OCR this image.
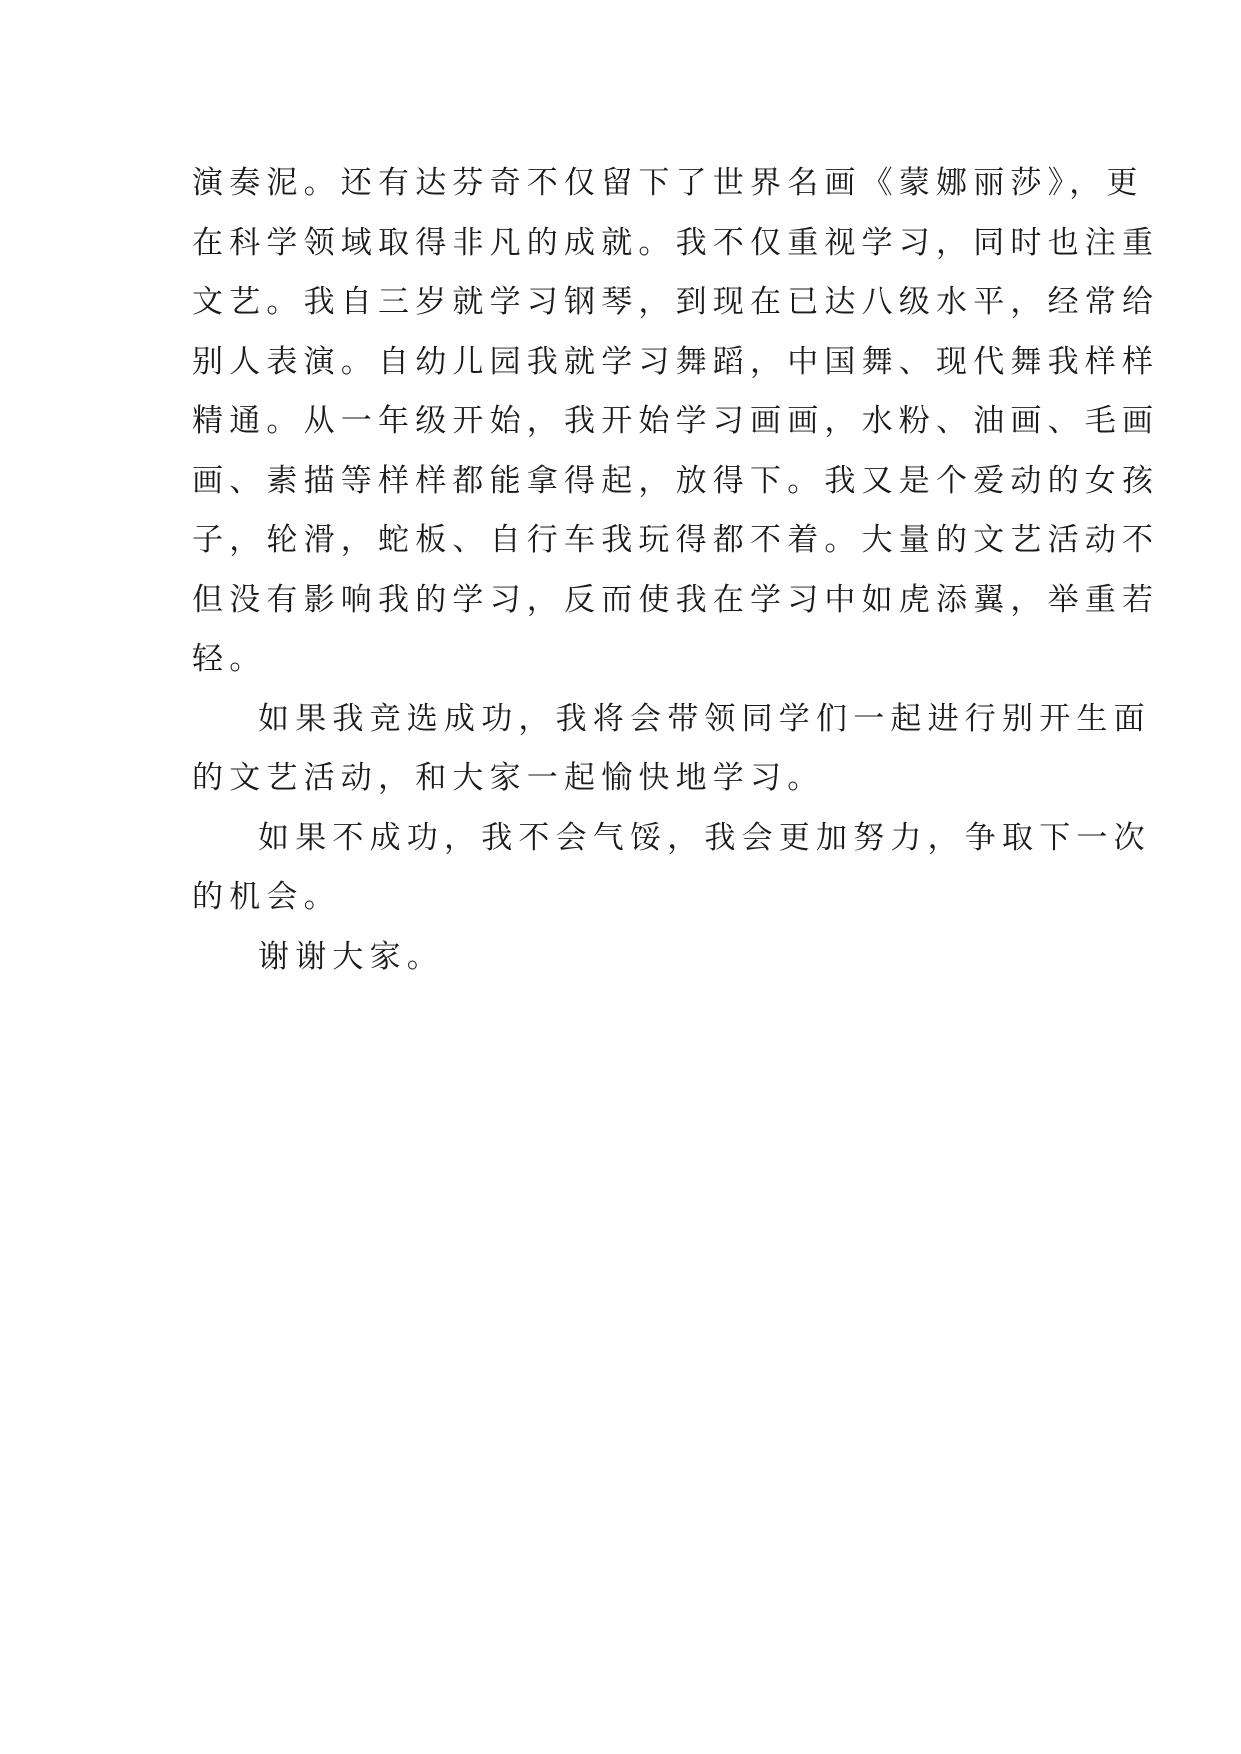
演奏泥。还有达芬奇不仅留下了世界名画《蒙娜丽莎》，更
在科学领域取得非凡的成就。我不仅重视学习，同时也注重
文艺。我自三岁就学习钢琴，到现在已达八级水平，经常给
别人表演。自幼儿园我就学习舞蹈，中国舞、现代舞我样样
精通。从一年级开始，我开始学习画画，水粉、油画、毛画
画、素描等样样都能拿得起，放得下。我又是个爱动的女孩
子，轮滑，蛇板、自行车我玩得都不着。大量的文艺活动不
但没有影响我的学习，反而使我在学习中如虎添翼，举重若
轻。
如果我竞选成功，我将会带领同学们一起进行别开生面
的文艺活动，和大家一起愉快地学习。
如果不成功，我不会气馁，我会更加努力，争取下一次
的机会。
谢谢大家。
